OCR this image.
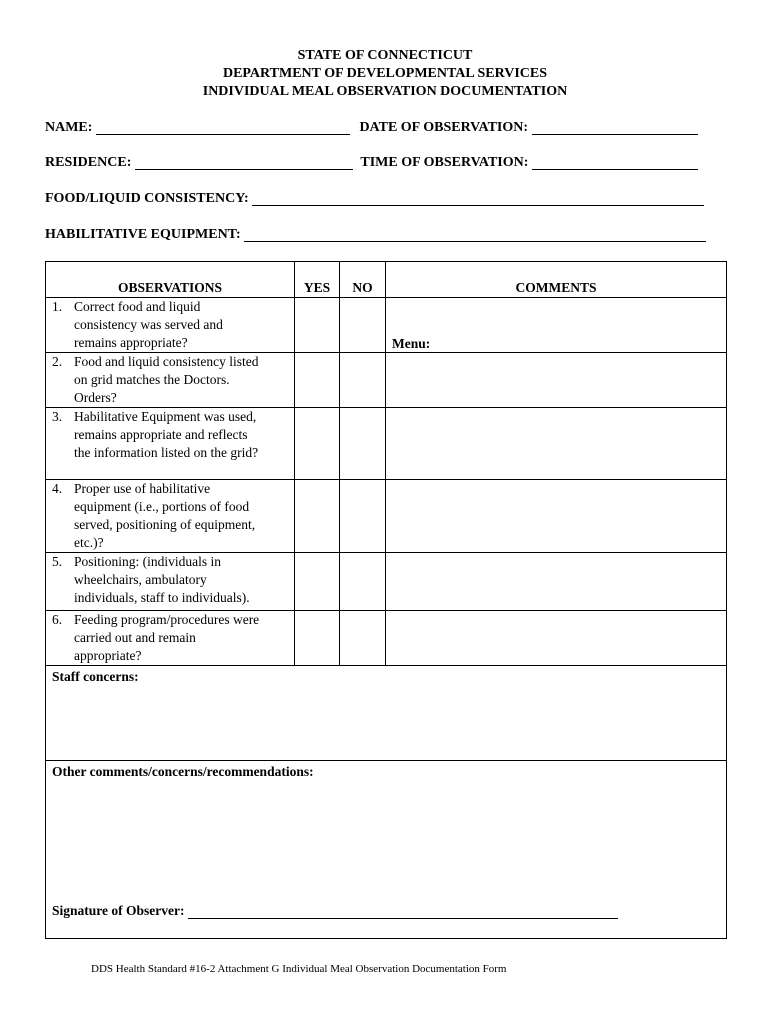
STATE OF CONNECTICUT
DEPARTMENT OF DEVELOPMENTAL SERVICES
INDIVIDUAL MEAL OBSERVATION DOCUMENTATION
NAME:	DATE OF OBSERVATION:
RESIDENCE:	TIME OF OBSERVATION:
FOOD/LIQUID CONSISTENCY:
HABILITATIVE EQUIPMENT:
OBSERVATIONS	YES	NO	COMMENTS

1. Correct food and liquid
consistency was served and
remains appropriate?			Menu:

2. Food and liquid consistency listed
on grid matches the Doctors.
Orders?			

3. Habilitative Equipment was used,
remains appropriate and reflects
the information listed on the grid?			

4. Proper use of habilitative
equipment (i.e., portions of food
served, positioning of equipment,
etc.)?			

5. Positioning: (individuals in
wheelchairs, ambulatory
individuals, staff to individuals).			

6. Feeding program/procedures were
carried out and remain
appropriate?			

Staff concerns:			

Other comments/concerns/recommendations:
Signature of Observer:			
DDS Health Standard #16-2 Attachment G Individual Meal Observation Documentation Form
